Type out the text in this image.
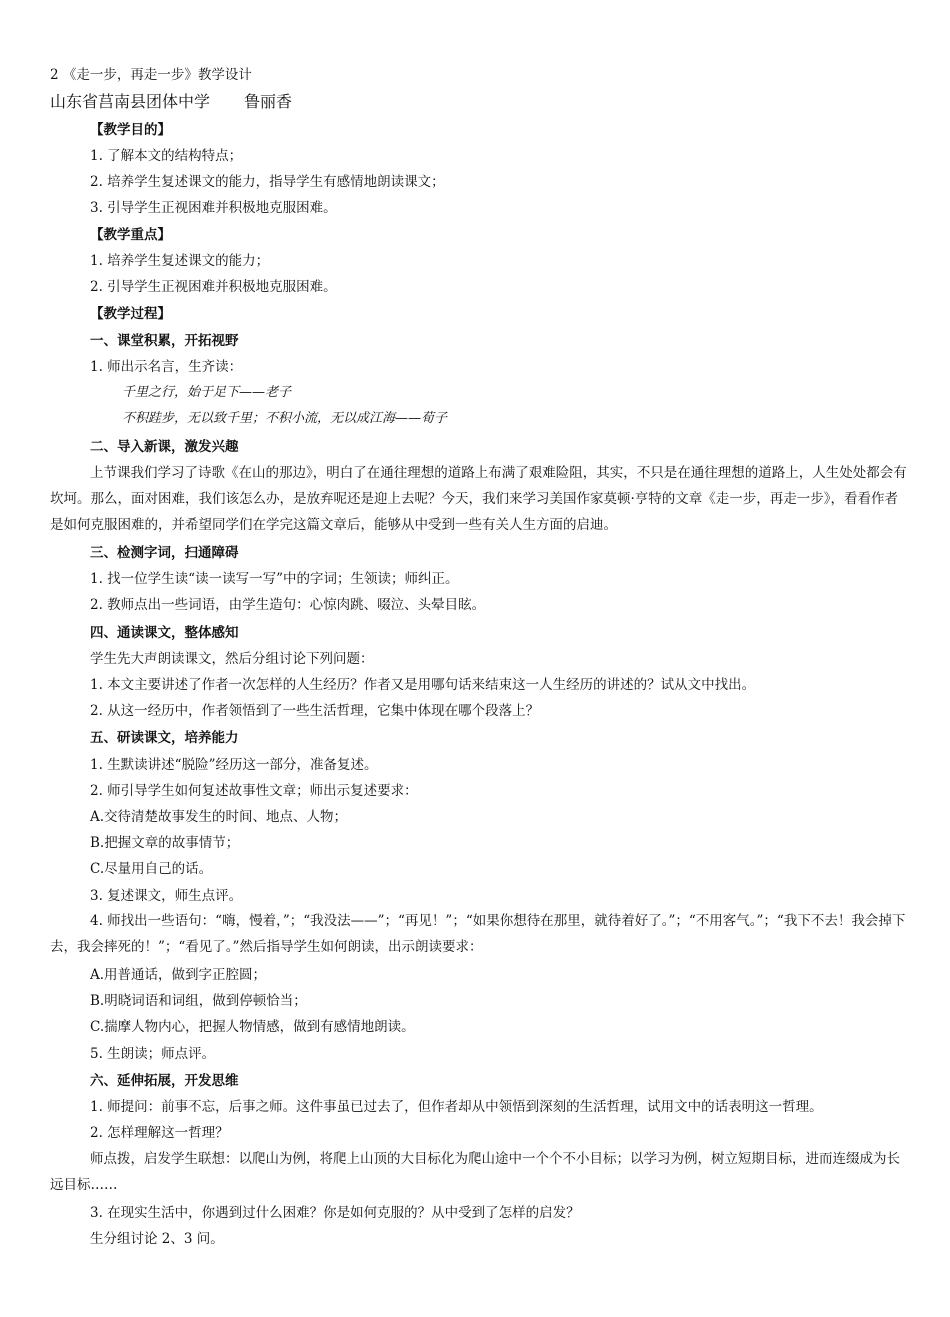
2 《走一步，再走一步》教学设计
山东省莒南县团体中学 鲁丽香
【教学目的】
1. 了解本文的结构特点；
2. 培养学生复述课文的能力，指导学生有感情地朗读课文；
3. 引导学生正视困难并积极地克服困难。
【教学重点】
1. 培养学生复述课文的能力；
2. 引导学生正视困难并积极地克服困难。
【教学过程】
一、课堂积累，开拓视野
1. 师出示名言，生齐读：
千里之行，始于足下——老子
不积跬步，无以致千里；不积小流，无以成江海——荀子
二、导入新课，激发兴趣
上节课我们学习了诗歌《在山的那边》，明白了在通往理想的道路上布满了艰难险阻，其实，不只是在通往理想的道路上，人生处处都会有坎坷。那么，面对困难，我们该怎么办，是放弃呢还是迎上去呢？今天，我们来学习美国作家莫顿·亨特的文章《走一步，再走一步》，看看作者是如何克服困难的，并希望同学们在学完这篇文章后，能够从中受到一些有关人生方面的启迪。
三、检测字词，扫通障碍
1. 找一位学生读“读一读写一写”中的字词；生领读；师纠正。
2. 教师点出一些词语，由学生造句：心惊肉跳、啜泣、头晕目眩。
四、通读课文，整体感知
学生先大声朗读课文，然后分组讨论下列问题：
1. 本文主要讲述了作者一次怎样的人生经历？作者又是用哪句话来结束这一人生经历的讲述的？试从文中找出。
2. 从这一经历中，作者领悟到了一些生活哲理，它集中体现在哪个段落上？
五、研读课文，培养能力
1. 生默读讲述“脱险”经历这一部分，准备复述。
2. 师引导学生如何复述故事性文章；师出示复述要求：
A.交待清楚故事发生的时间、地点、人物；
B.把握文章的故事情节；
C.尽量用自己的话。
3. 复述课文，师生点评。
4. 师找出一些语句：“嗨，慢着，”；“我没法——”；“再见！”；“如果你想待在那里，就待着好了。”；“不用客气。”；“我下不去！我会掉下去，我会摔死的！”；“看见了。”然后指导学生如何朗读，出示朗读要求：
A.用普通话，做到字正腔圆；
B.明晓词语和词组，做到停顿恰当；
C.揣摩人物内心，把握人物情感，做到有感情地朗读。
5. 生朗读；师点评。
六、延伸拓展，开发思维
1. 师提问：前事不忘，后事之师。这件事虽已过去了，但作者却从中领悟到深刻的生活哲理，试用文中的话表明这一哲理。
2. 怎样理解这一哲理？
师点拨，启发学生联想：以爬山为例，将爬上山顶的大目标化为爬山途中一个个不小目标；以学习为例，树立短期目标，进而连缀成为长远目标……
3. 在现实生活中，你遇到过什么困难？你是如何克服的？从中受到了怎样的启发？
生分组讨论 2、3 问。
